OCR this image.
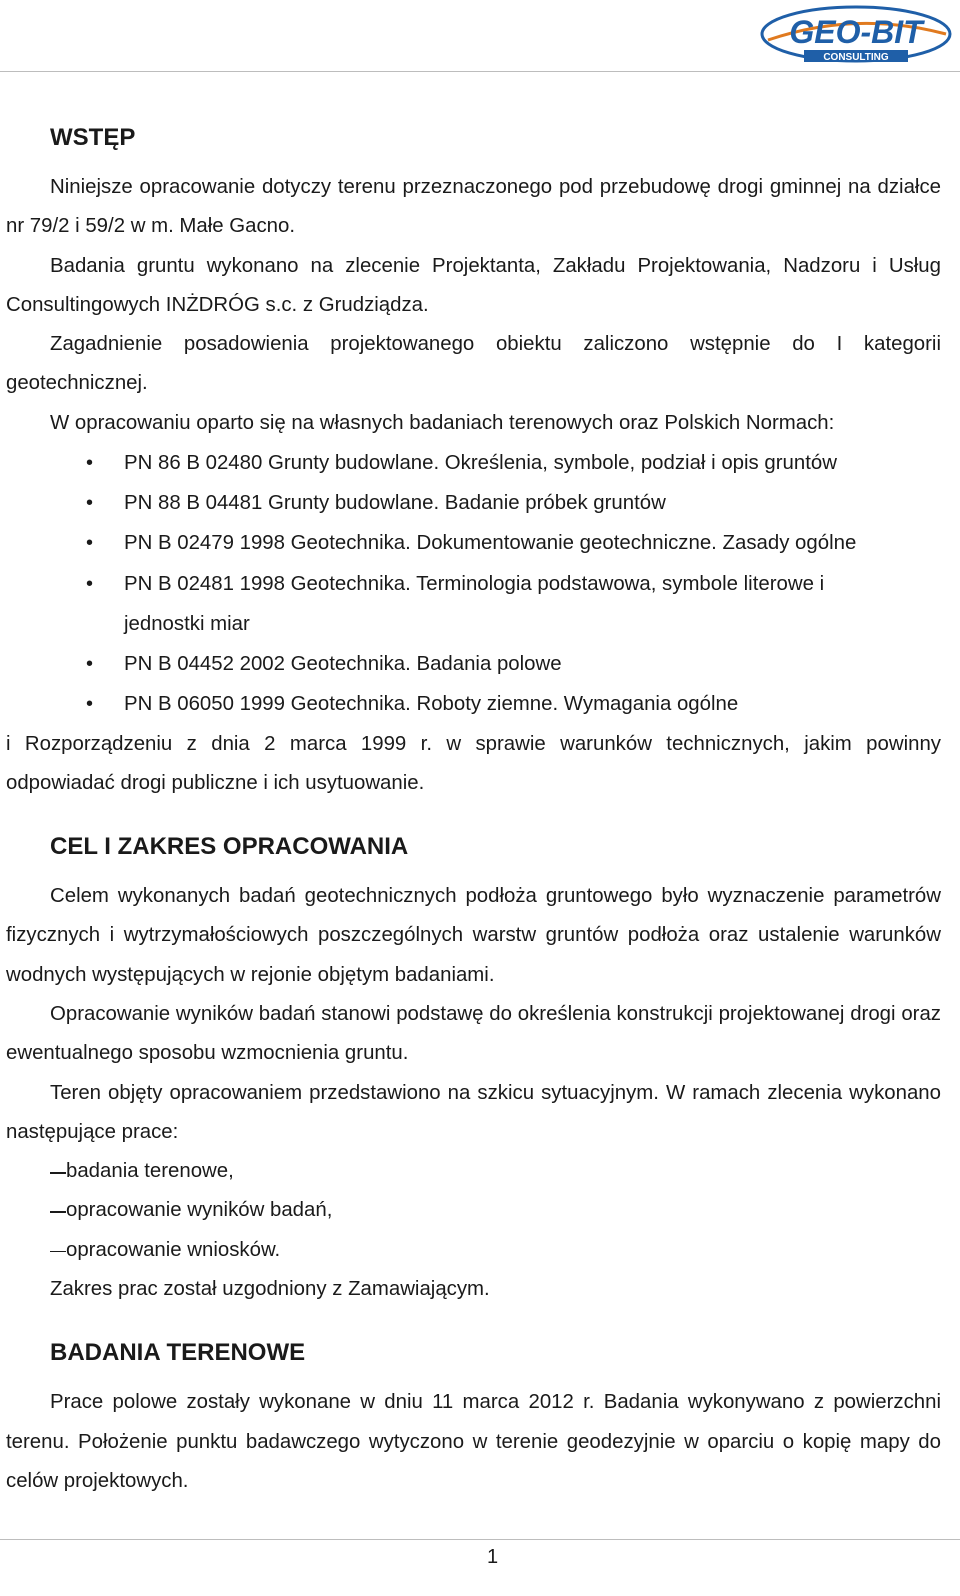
GEO-BIT
CONSULTING
WSTĘP

Niniejsze opracowanie dotyczy terenu przeznaczonego pod przebudowę drogi gminnej na działce nr 79/2 i 59/2 w m. Małe Gacno.

Badania gruntu wykonano na zlecenie Projektanta, Zakładu Projektowania, Nadzoru i Usług Consultingowych INŻDRÓG s.c. z Grudziądza.

Zagadnienie posadowienia projektowanego obiektu zaliczono wstępnie do I kategorii geotechnicznej.

W opracowaniu oparto się na własnych badaniach terenowych oraz Polskich Normach:

• PN 86 B 02480 Grunty budowlane. Określenia, symbole, podział i opis gruntów
• PN 88 B 04481 Grunty budowlane. Badanie próbek gruntów
• PN B 02479 1998 Geotechnika. Dokumentowanie geotechniczne. Zasady ogólne
• PN B 02481 1998 Geotechnika. Terminologia podstawowa, symbole literowe i jednostki miar
• PN B 04452 2002 Geotechnika. Badania polowe
• PN B 06050 1999 Geotechnika. Roboty ziemne. Wymagania ogólne

i Rozporządzeniu z dnia 2 marca 1999 r. w sprawie warunków technicznych, jakim powinny odpowiadać drogi publiczne i ich usytuowanie.

CEL I ZAKRES OPRACOWANIA

Celem wykonanych badań geotechnicznych podłoża gruntowego było wyznaczenie parametrów fizycznych i wytrzymałościowych poszczególnych warstw gruntów podłoża oraz ustalenie warunków wodnych występujących w rejonie objętym badaniami.

Opracowanie wyników badań stanowi podstawę do określenia konstrukcji projektowanej drogi oraz ewentualnego sposobu wzmocnienia gruntu.

Teren objęty opracowaniem przedstawiono na szkicu sytuacyjnym. W ramach zlecenia wykonano następujące prace:

badania terenowe,
opracowanie wyników badań,
opracowanie wniosków.

Zakres prac został uzgodniony z Zamawiającym.

BADANIA TERENOWE

Prace polowe zostały wykonane w dniu 11 marca 2012 r. Badania wykonywano z powierzchni terenu. Położenie punktu badawczego wytyczono w terenie geodezyjnie w oparciu o kopię mapy do celów projektowych.

1
